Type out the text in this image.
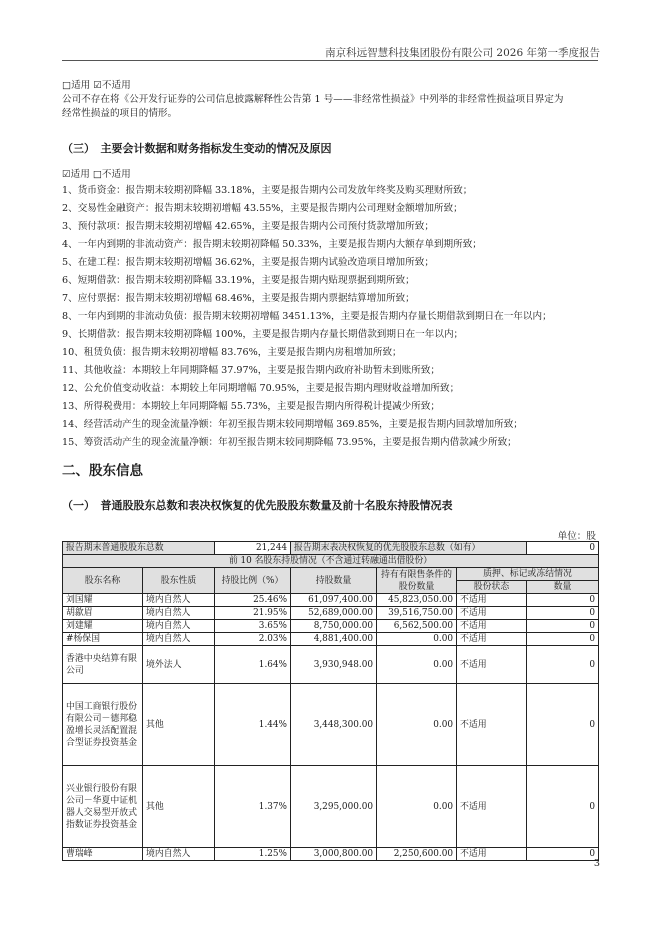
南京科远智慧科技集团股份有限公司 2026 年第一季度报告
□适用 ☑不适用
公司不存在将《公开发行证券的公司信息披露解释性公告第 1 号——非经常性损益》中列举的非经常性损益项目界定为
经常性损益的项目的情形。
（三）　主要会计数据和财务指标发生变动的情况及原因
☑适用 □不适用
1、货币资金：报告期末较期初降幅 33.18%，主要是报告期内公司发放年终奖及购买理财所致；
2、交易性金融资产：报告期末较期初增幅 43.55%，主要是报告期内公司理财金额增加所致；
3、预付款项：报告期末较期初增幅 42.65%，主要是报告期内公司预付货款增加所致；
4、一年内到期的非流动资产：报告期末较期初降幅 50.33%，主要是报告期内大额存单到期所致；
5、在建工程：报告期末较期初增幅 36.62%，主要是报告期内试验改造项目增加所致；
6、短期借款：报告期末较期初降幅 33.19%，主要是报告期内贴现票据到期所致；
7、应付票据：报告期末较期初增幅 68.46%，主要是报告期内票据结算增加所致；
8、一年内到期的非流动负债：报告期末较期初增幅 3451.13%，主要是报告期内存量长期借款到期日在一年以内；
9、长期借款：报告期末较期初降幅 100%，主要是报告期内存量长期借款到期日在一年以内；
10、租赁负债：报告期末较期初增幅 83.76%，主要是报告期内房租增加所致；
11、其他收益：本期较上年同期降幅 37.97%，主要是报告期内政府补助暂未到账所致；
12、公允价值变动收益：本期较上年同期增幅 70.95%，主要是报告期内理财收益增加所致；
13、所得税费用：本期较上年同期降幅 55.73%，主要是报告期内所得税计提减少所致；
14、经营活动产生的现金流量净额：年初至报告期末较同期增幅 369.85%，主要是报告期内回款增加所致；
15、筹资活动产生的现金流量净额：年初至报告期末较同期降幅 73.95%，主要是报告期内借款减少所致；
二、股东信息
（一）　普通股股东总数和表决权恢复的优先股股东数量及前十名股东持股情况表
单位：股
报告期末普通股股东总数		21,244	报告期末表决权恢复的优先股股东总数（如有）			0
前 10 名股东持股情况（不含通过转融通出借股份）						
股东名称	股东性质	持股比例（%）	持股数量	持有有限售条件的股份数量	质押、标记或冻结情况	
					股份状态	数量
刘国耀	境内自然人	25.46%	61,097,400.00	45,823,050.00	不适用	0
胡歙眉	境内自然人	21.95%	52,689,000.00	39,516,750.00	不适用	0
刘建耀	境内自然人	3.65%	8,750,000.00	6,562,500.00	不适用	0
#杨保国	境内自然人	2.03%	4,881,400.00	0.00	不适用	0
香港中央结算有限公司	境外法人	1.64%	3,930,948.00	0.00	不适用	0
中国工商银行股份有限公司－德邦稳盈增长灵活配置混合型证券投资基金	其他	1.44%	3,448,300.00	0.00	不适用	0
兴业银行股份有限公司－华夏中证机器人交易型开放式指数证券投资基金	其他	1.37%	3,295,000.00	0.00	不适用	0
曹瑞峰	境内自然人	1.25%	3,000,800.00	2,250,600.00	不适用	0
3
